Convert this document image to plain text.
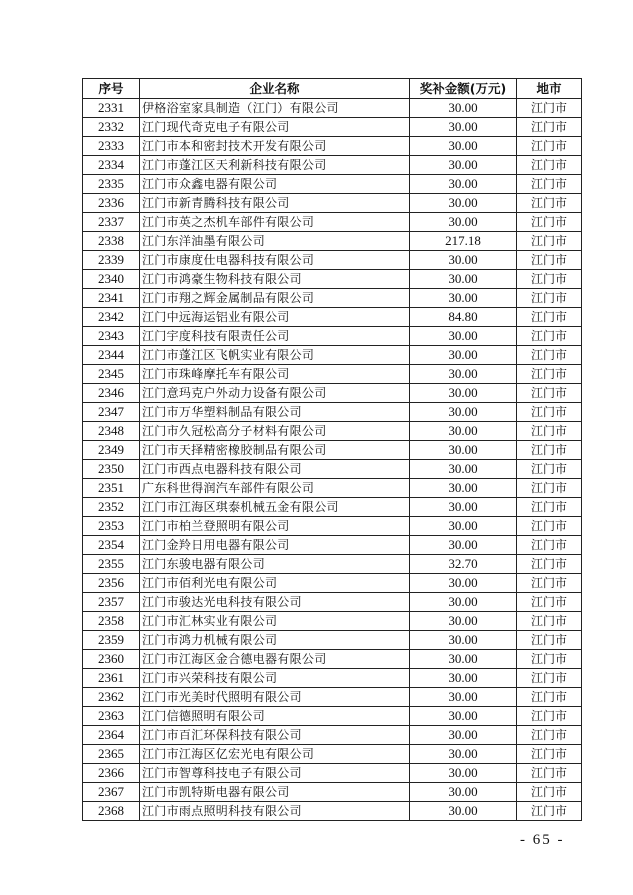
序号	企业名称	奖补金额(万元)	地市
2331	伊格浴室家具制造（江门）有限公司	30.00	江门市
2332	江门现代奇克电子有限公司	30.00	江门市
2333	江门市本和密封技术开发有限公司	30.00	江门市
2334	江门市蓬江区天利新科技有限公司	30.00	江门市
2335	江门市众鑫电器有限公司	30.00	江门市
2336	江门市新青腾科技有限公司	30.00	江门市
2337	江门市英之杰机车部件有限公司	30.00	江门市
2338	江门东洋油墨有限公司	217.18	江门市
2339	江门市康度仕电器科技有限公司	30.00	江门市
2340	江门市鸿豪生物科技有限公司	30.00	江门市
2341	江门市翔之辉金属制品有限公司	30.00	江门市
2342	江门中远海运铝业有限公司	84.80	江门市
2343	江门宇度科技有限责任公司	30.00	江门市
2344	江门市蓬江区飞帆实业有限公司	30.00	江门市
2345	江门市珠峰摩托车有限公司	30.00	江门市
2346	江门意玛克户外动力设备有限公司	30.00	江门市
2347	江门市万华塑料制品有限公司	30.00	江门市
2348	江门市久冠松高分子材料有限公司	30.00	江门市
2349	江门市天择精密橡胶制品有限公司	30.00	江门市
2350	江门市西点电器科技有限公司	30.00	江门市
2351	广东科世得润汽车部件有限公司	30.00	江门市
2352	江门市江海区琪泰机械五金有限公司	30.00	江门市
2353	江门市柏兰登照明有限公司	30.00	江门市
2354	江门金羚日用电器有限公司	30.00	江门市
2355	江门东骏电器有限公司	32.70	江门市
2356	江门市佰利光电有限公司	30.00	江门市
2357	江门市骏达光电科技有限公司	30.00	江门市
2358	江门市汇林实业有限公司	30.00	江门市
2359	江门市鸿力机械有限公司	30.00	江门市
2360	江门市江海区金合德电器有限公司	30.00	江门市
2361	江门市兴荣科技有限公司	30.00	江门市
2362	江门市光美时代照明有限公司	30.00	江门市
2363	江门信德照明有限公司	30.00	江门市
2364	江门市百汇环保科技有限公司	30.00	江门市
2365	江门市江海区亿宏光电有限公司	30.00	江门市
2366	江门市智尊科技电子有限公司	30.00	江门市
2367	江门市凯特斯电器有限公司	30.00	江门市
2368	江门市雨点照明科技有限公司	30.00	江门市
- 65 -
